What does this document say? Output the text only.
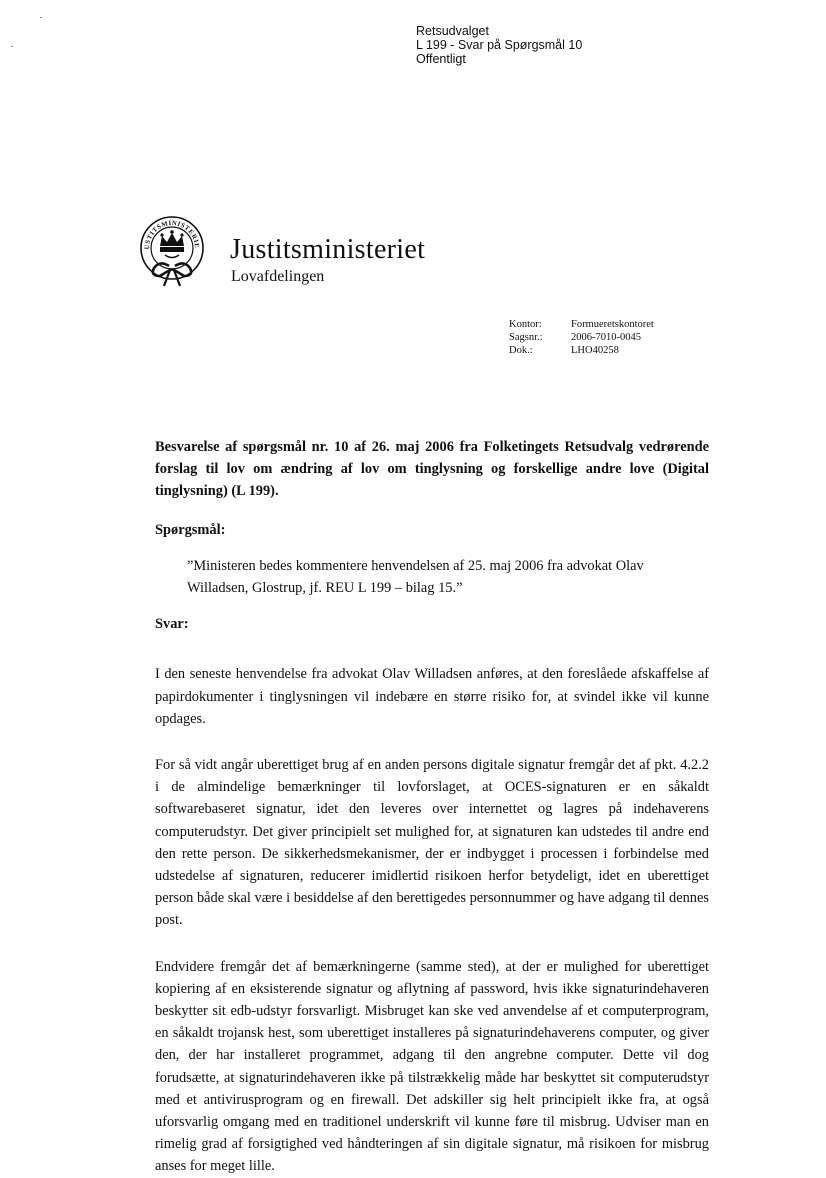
Retsudvalget
L 199 - Svar på Spørgsmål 10
Offentligt
USTITSMINISTERIE Justitsministeriet
Lovafdelingen
Kontor:	Formueretskontoret
Sagsnr.:	2006-7010-0045
Dok.:	LHO40258

Besvarelse af spørgsmål nr. 10 af 26. maj 2006 fra Folketingets Retsudvalg vedrørende forslag til lov om ændring af lov om tinglysning og forskellige andre love (Digital tinglysning) (L 199).

Spørgsmål:

”Ministeren bedes kommentere henvendelsen af 25. maj 2006 fra advokat Olav Willadsen, Glostrup, jf. REU L 199 – bilag 15.”

Svar:

I den seneste henvendelse fra advokat Olav Willadsen anføres, at den foreslåede afskaffelse af papirdokumenter i tinglysningen vil indebære en større risiko for, at svindel ikke vil kunne opdages.

For så vidt angår uberettiget brug af en anden persons digitale signatur fremgår det af pkt. 4.2.2 i de almindelige bemærkninger til lovforslaget, at OCES-signaturen er en såkaldt softwarebaseret signatur, idet den leveres over internettet og lagres på indehaverens computerudstyr. Det giver principielt set mulighed for, at signaturen kan udstedes til andre end den rette person. De sikkerhedsmekanismer, der er indbygget i processen i forbindelse med udstedelse af signaturen, reducerer imidlertid risikoen herfor betydeligt, idet en uberettiget person både skal være i besiddelse af den berettigedes personnummer og have adgang til dennes post.

Endvidere fremgår det af bemærkningerne (samme sted), at der er mulighed for uberettiget kopiering af en eksisterende signatur og aflytning af password, hvis ikke signaturindehaveren beskytter sit edb-udstyr forsvarligt. Misbruget kan ske ved anvendelse af et computerprogram, en såkaldt trojansk hest, som uberettiget installeres på signaturindehaverens computer, og giver den, der har installeret programmet, adgang til den angrebne computer. Dette vil dog forudsætte, at signaturindehaveren ikke på tilstrækkelig måde har beskyttet sit computerudstyr med et antivirusprogram og en firewall. Det adskiller sig helt principielt ikke fra, at også uforsvarlig omgang med en traditionel underskrift vil kunne føre til misbrug. Udviser man en rimelig grad af forsigtighed ved håndteringen af sin digitale signatur, må risikoen for misbrug anses for meget lille.
